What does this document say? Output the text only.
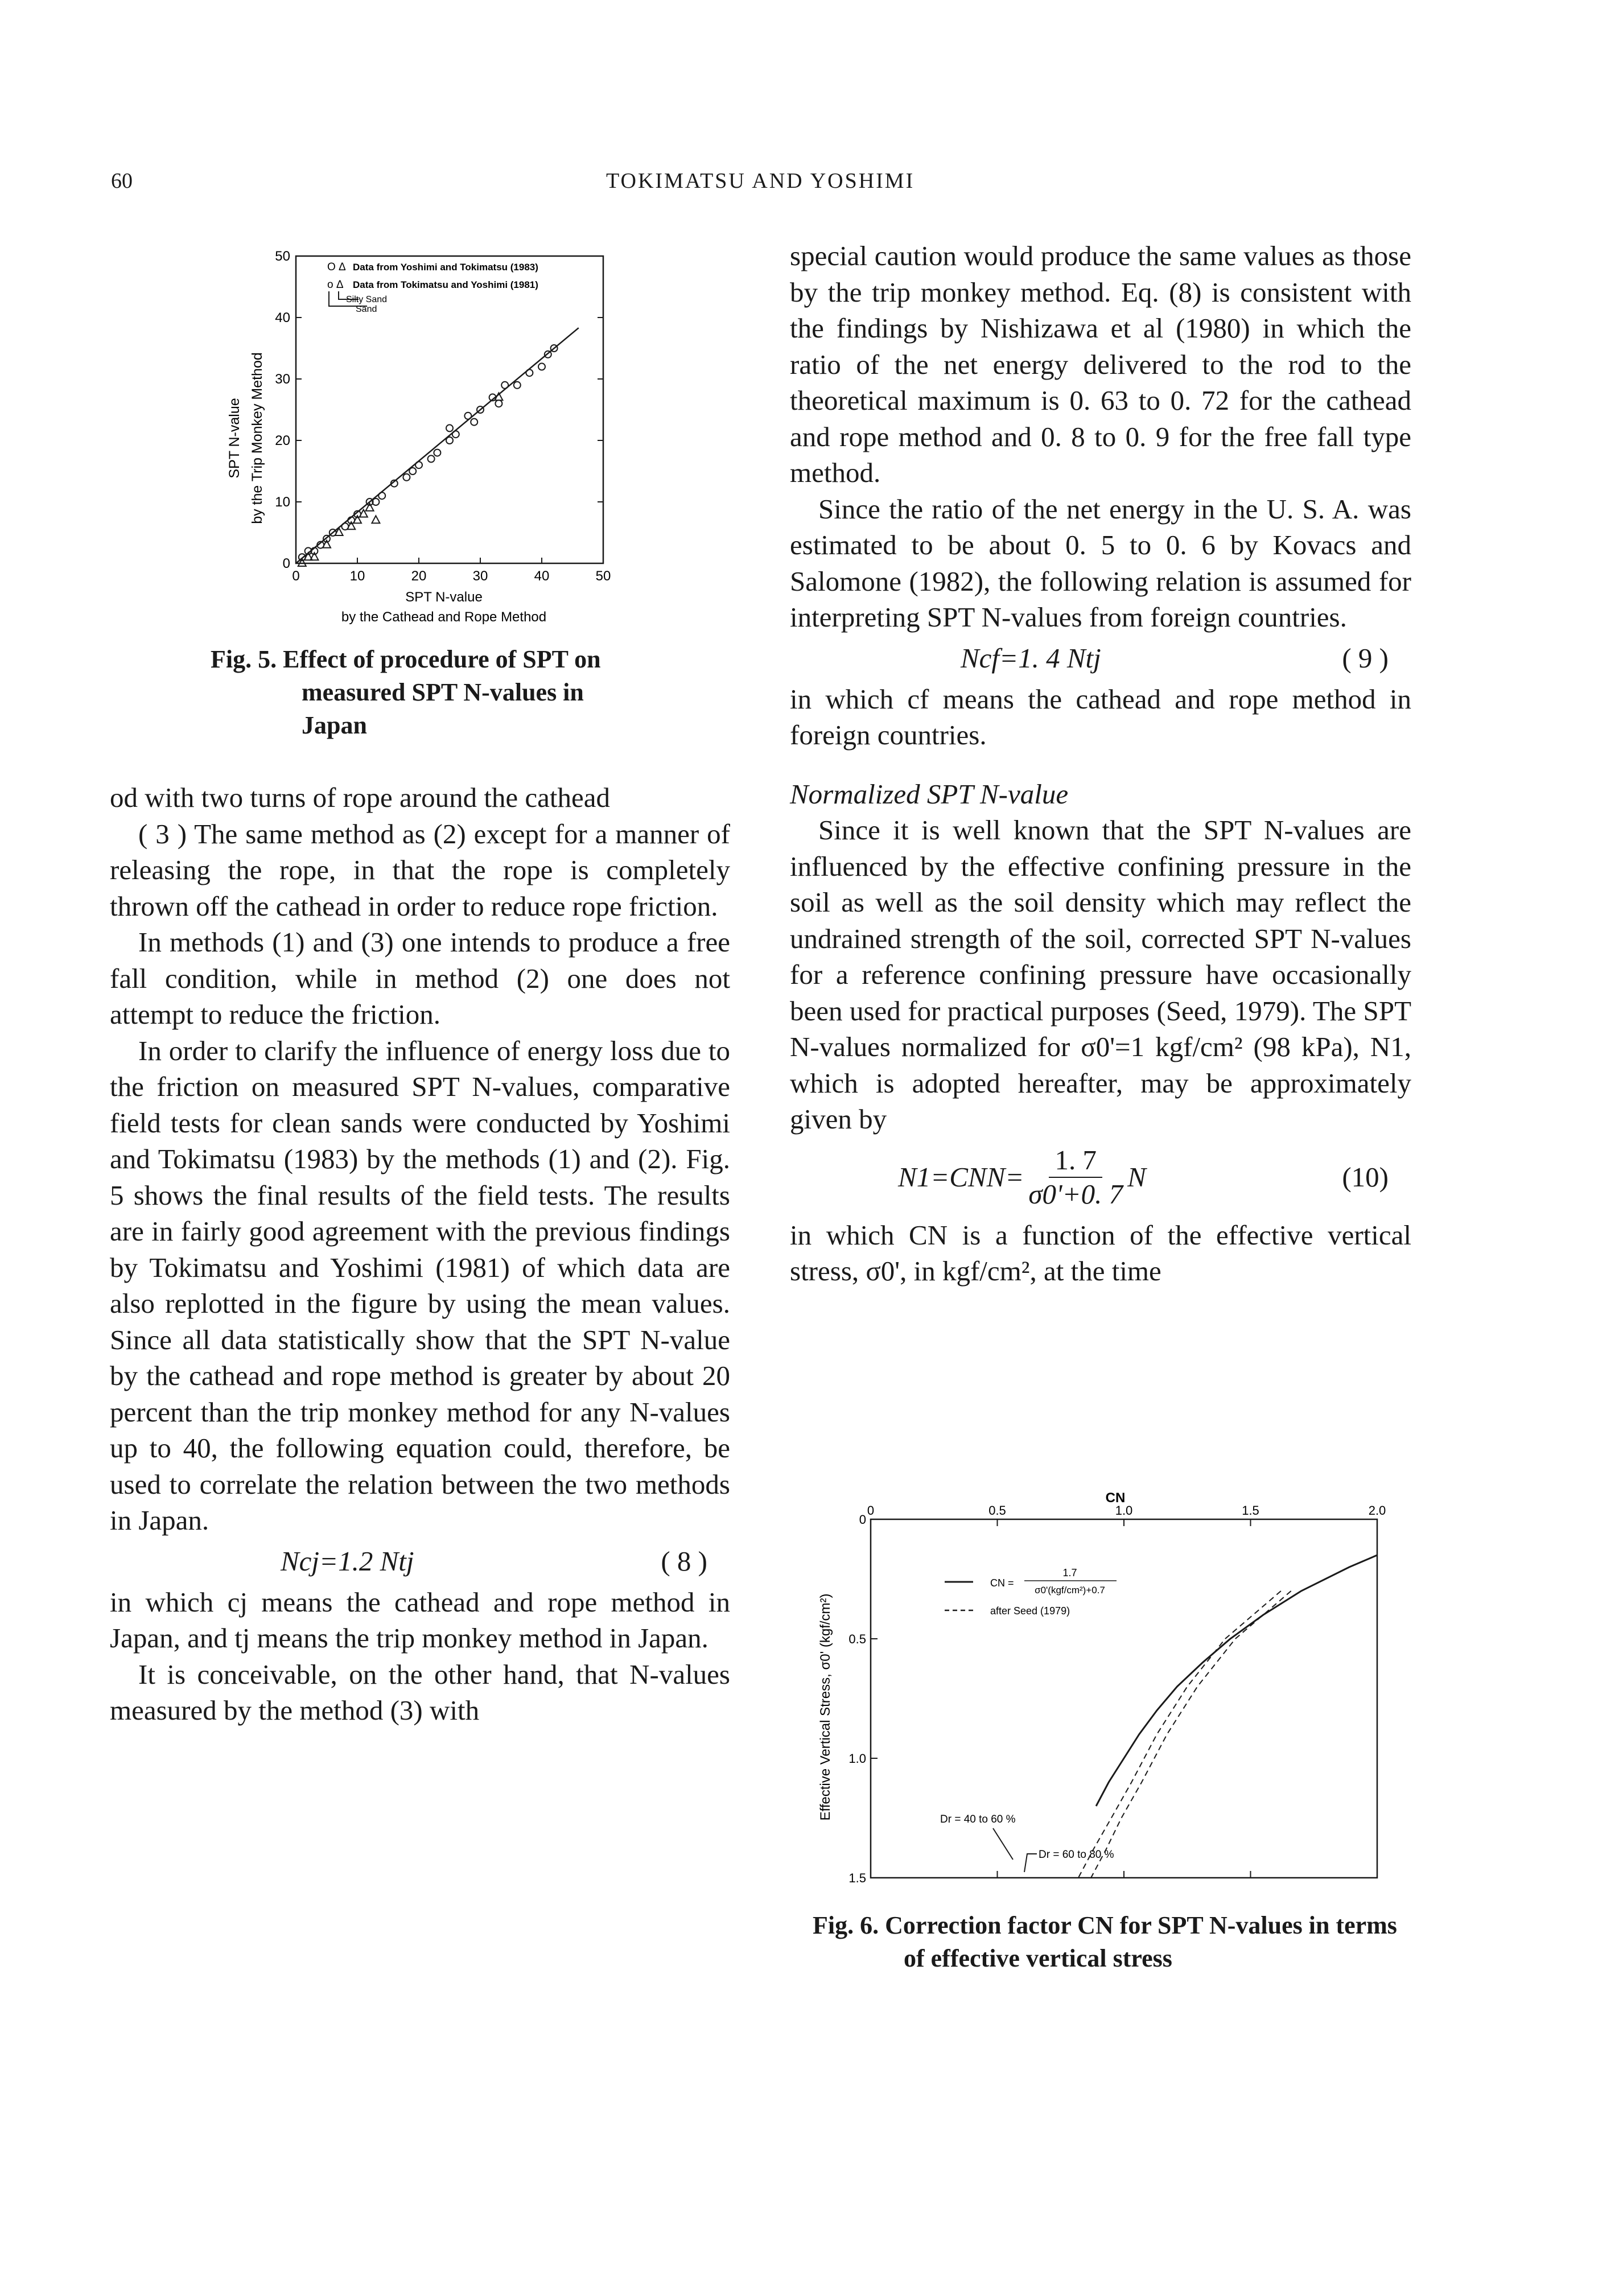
60	TOKIMATSU AND YOSHIMI
0	10	20	30	40	50
0
10
20
30
40
50
SPT N-value by the Trip Monkey Method
SPT N-value
by the Cathead and Rope Method
O Δ Data from Yoshimi and Tokimatsu (1983)
o Δ Data from Tokimatsu and Yoshimi (1981)
Silty Sand
Sand
Fig. 5. Effect of procedure of SPT on measured SPT N-values in Japan

od with two turns of rope around the cathead

( 3 ) The same method as (2) except for a manner of releasing the rope, in that the rope is completely thrown off the cathead in order to reduce rope friction.

In methods (1) and (3) one intends to produce a free fall condition, while in method (2) one does not attempt to reduce the friction.

In order to clarify the influence of energy loss due to the friction on measured SPT N-values, comparative field tests for clean sands were conducted by Yoshimi and Tokimatsu (1983) by the methods (1) and (2). Fig. 5 shows the final results of the field tests. The results are in fairly good agreement with the previous findings by Tokimatsu and Yoshimi (1981) of which data are also replotted in the figure by using the mean values. Since all data statistically show that the SPT N-value by the cathead and rope method is greater by about 20 percent than the trip monkey method for any N-values up to 40, the following equation could, therefore, be used to correlate the relation between the two methods in Japan.

Ncj=1.2 Ntj	( 8 )

in which cj means the cathead and rope method in Japan, and tj means the trip monkey method in Japan.

It is conceivable, on the other hand, that N-values measured by the method (3) with

special caution would produce the same values as those by the trip monkey method. Eq. (8) is consistent with the findings by Nishizawa et al (1980) in which the ratio of the net energy delivered to the rod to the theoretical maximum is 0. 63 to 0. 72 for the cathead and rope method and 0. 8 to 0. 9 for the free fall type method.

Since the ratio of the net energy in the U. S. A. was estimated to be about 0. 5 to 0. 6 by Kovacs and Salomone (1982), the following relation is assumed for interpreting SPT N-values from foreign countries.

Ncf=1. 4 Ntj	( 9 )

in which cf means the cathead and rope method in foreign countries.

Normalized SPT N-value

Since it is well known that the SPT N-values are influenced by the effective confining pressure in the soil as well as the soil density which may reflect the undrained strength of the soil, corrected SPT N-values for a reference confining pressure have occasionally been used for practical purposes (Seed, 1979). The SPT N-values normalized for σ0'=1 kgf/cm² (98 kPa), N1, which is adopted hereafter, may be approximately given by

$N1=CNN= \frac{1. 7}{\sigma 0'+0. 7}$ N	(10)

in which CN is a function of the effective vertical stress, σ0', in kgf/cm², at the time

0	0.5	1.0	1.5	2.0
0
0.5
1.0
1.5
CN
Effective Vertical Stress, σ0' (kgf/cm²)
CN =
1.7
σ0'(kgf/cm²)+0.7
after Seed (1979)
Dr = 40 to 60 %
Dr = 60 to 80 %
Fig. 6. Correction factor CN for SPT N-values in terms of effective vertical stress
